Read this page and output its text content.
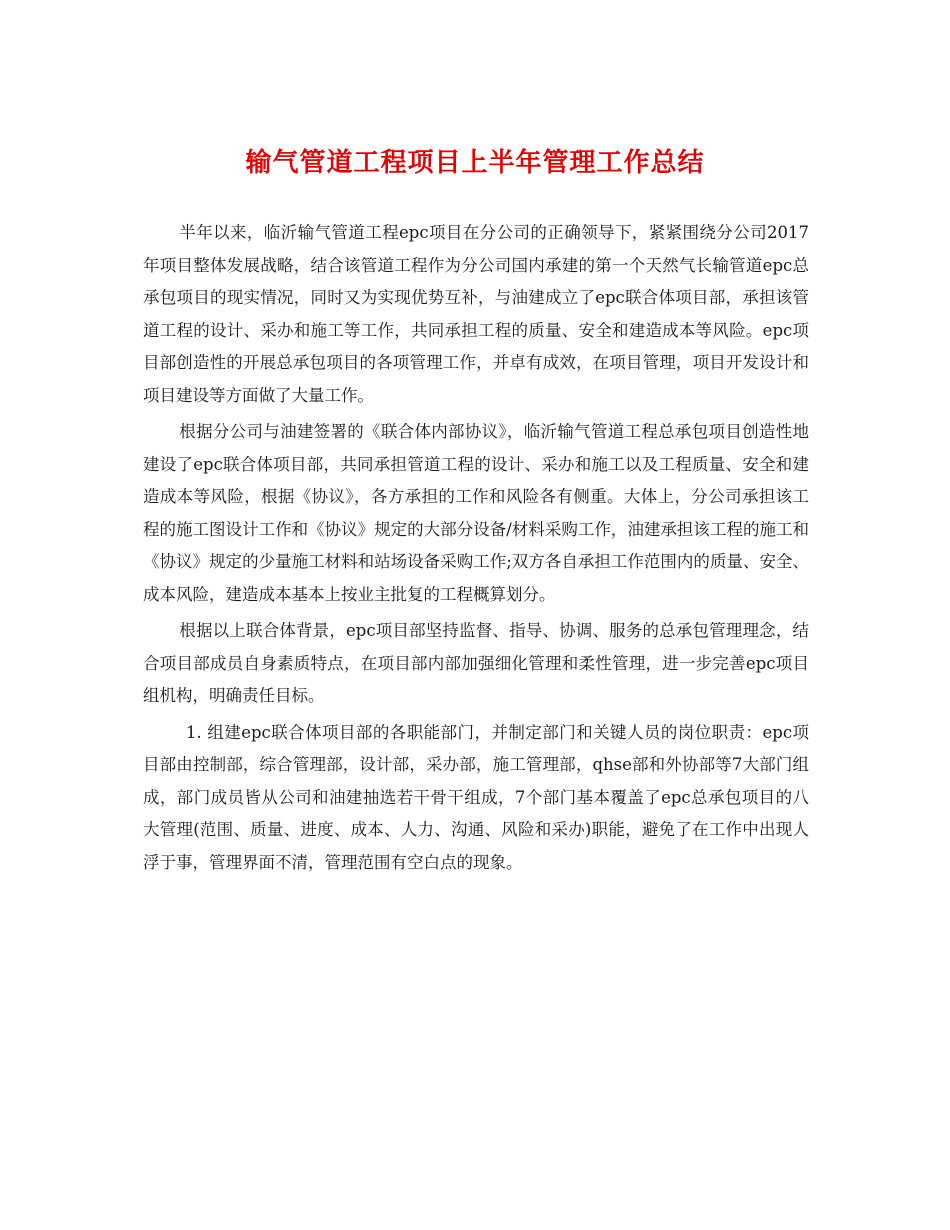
输气管道工程项目上半年管理工作总结

半年以来，临沂输气管道工程epc项目在分公司的正确领导下，紧紧围绕分公司2017年项目整体发展战略，结合该管道工程作为分公司国内承建的第一个天然气长输管道epc总承包项目的现实情况，同时又为实现优势互补，与油建成立了epc联合体项目部，承担该管道工程的设计、采办和施工等工作，共同承担工程的质量、安全和建造成本等风险。epc项目部创造性的开展总承包项目的各项管理工作，并卓有成效，在项目管理，项目开发设计和项目建设等方面做了大量工作。

根据分公司与油建签署的《联合体内部协议》，临沂输气管道工程总承包项目创造性地建设了epc联合体项目部，共同承担管道工程的设计、采办和施工以及工程质量、安全和建造成本等风险，根据《协议》，各方承担的工作和风险各有侧重。大体上，分公司承担该工程的施工图设计工作和《协议》规定的大部分设备/材料采购工作，油建承担该工程的施工和《协议》规定的少量施工材料和站场设备采购工作;双方各自承担工作范围内的质量、安全、成本风险，建造成本基本上按业主批复的工程概算划分。

根据以上联合体背景，epc项目部坚持监督、指导、协调、服务的总承包管理理念，结合项目部成员自身素质特点，在项目部内部加强细化管理和柔性管理，进一步完善epc项目组机构，明确责任目标。

1. 组建epc联合体项目部的各职能部门，并制定部门和关键人员的岗位职责：epc项目部由控制部，综合管理部，设计部，采办部，施工管理部，qhse部和外协部等7大部门组成，部门成员皆从公司和油建抽选若干骨干组成，7个部门基本覆盖了epc总承包项目的八大管理(范围、质量、进度、成本、人力、沟通、风险和采办)职能，避免了在工作中出现人浮于事，管理界面不清，管理范围有空白点的现象。
